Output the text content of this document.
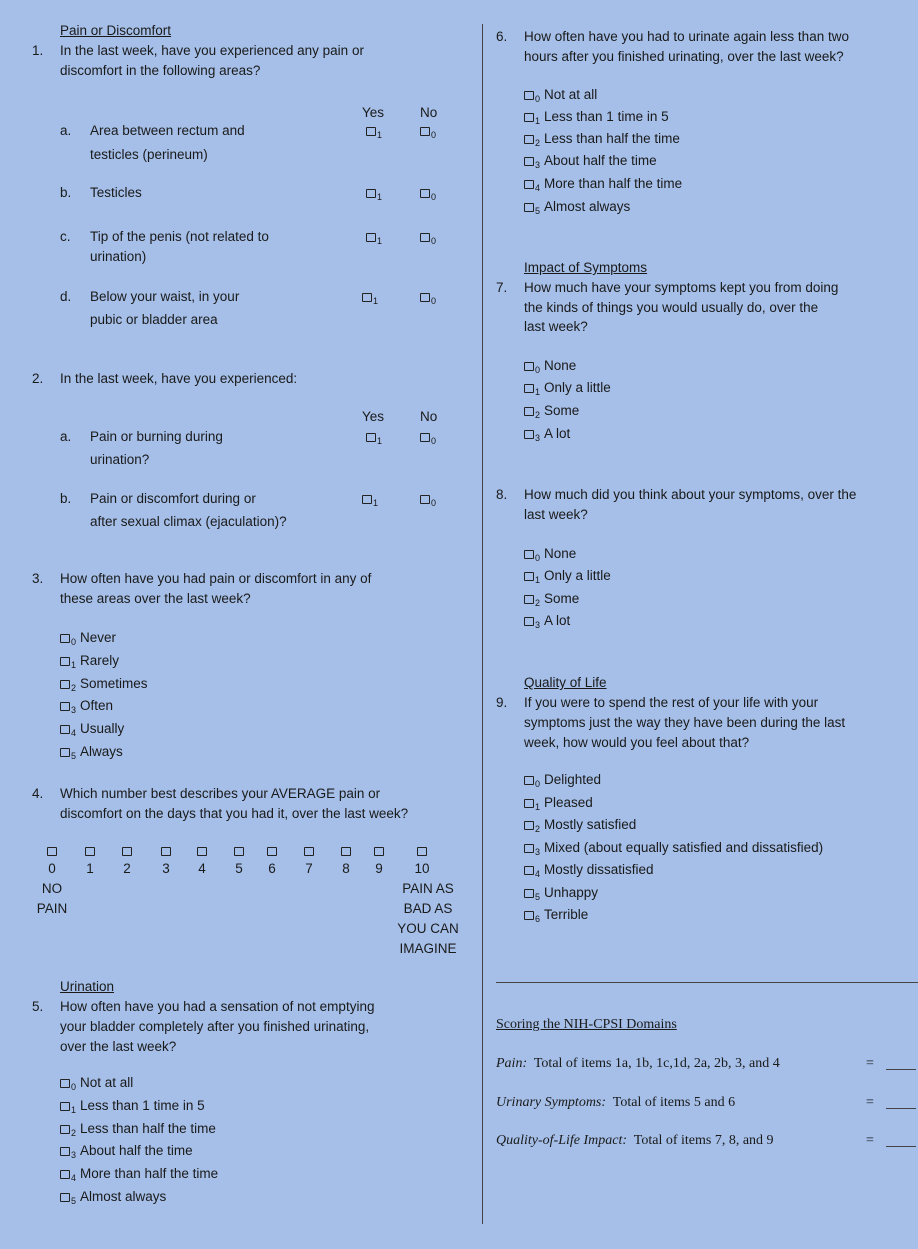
Pain or Discomfort
1. In the last week, have you experienced any pain or
discomfort in the following areas?
Yes	No
a. Area between rectum and
testicles (perineum)
$_1$	$_0$
b. Testicles	$_1$	$_0$
c. Tip of the penis (not related to
urination)
$_1$	$_0$
d. Below your waist, in your
pubic or bladder area
$_1$	$_0$
2. In the last week, have you experienced:
Yes	No
a. Pain or burning during
urination?
$_1$	$_0$
b. Pain or discomfort during or
after sexual climax (ejaculation)?
$_1$	$_0$
3. How often have you had pain or discomfort in any of
these areas over the last week?
$_0$ Never
$_1$ Rarely
$_2$ Sometimes
$_3$ Often
$_4$ Usually
$_5$ Always
4. Which number best describes your AVERAGE pain or
discomfort on the days that you had it, over the last week?

0	1	2	3	4	5	6	7	8	9	10
NO
PAIN
PAIN AS
BAD AS
YOU CAN
IMAGINE
Urination
5. How often have you had a sensation of not emptying
your bladder completely after you finished urinating,
over the last week?
$_0$ Not at all
$_1$ Less than 1 time in 5
$_2$ Less than half the time
$_3$ About half the time
$_4$ More than half the time
$_5$ Almost always
6. How often have you had to urinate again less than two
hours after you finished urinating, over the last week?
$_0$ Not at all
$_1$ Less than 1 time in 5
$_2$ Less than half the time
$_3$ About half the time
$_4$ More than half the time
$_5$ Almost always
Impact of Symptoms
7. How much have your symptoms kept you from doing
the kinds of things you would usually do, over the
last week?
$_0$ None
$_1$ Only a little
$_2$ Some
$_3$ A lot
8. How much did you think about your symptoms, over the
last week?
$_0$ None
$_1$ Only a little
$_2$ Some
$_3$ A lot
Quality of Life
9. If you were to spend the rest of your life with your
symptoms just the way they have been during the last
week, how would you feel about that?
$_0$ Delighted
$_1$ Pleased
$_2$ Mostly satisfied
$_3$ Mixed (about equally satisfied and dissatisfied)
$_4$ Mostly dissatisfied
$_5$ Unhappy
$_6$ Terrible
Scoring the NIH-CPSI Domains
Pain: Total of items 1a, 1b, 1c,1d, 2a, 2b, 3, and 4	=
Urinary Symptoms: Total of items 5 and 6	=
Quality-of-Life Impact: Total of items 7, 8, and 9	=
